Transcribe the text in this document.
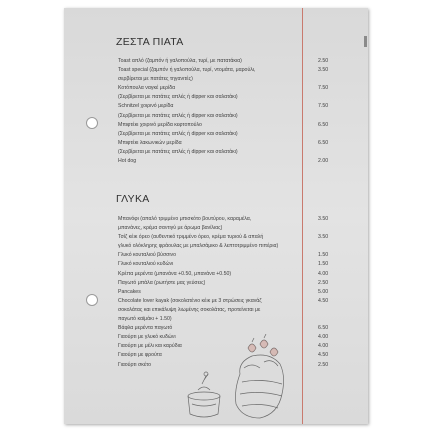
ΖΕΣΤΑ ΠΙΑΤΑ
Toast απλό (ζαμπόν ή γαλοπούλα, τυρί, με πατατάκια)	2.50
Toast special (ζαμπόν ή γαλοπούλα, τυρί, ντομάτα, μαρούλι,	3.50
σερβίρεται με πατάτες τηγανιτές)
Κοτόπουλα ναγκέ μερίδα	7.50
(Σερβίρεται με πατάτες απλές ή dipper και σαλατάκι)
Schnitzel χοιρινό μερίδα	7.50
(Σερβίρεται με πατάτες απλές ή dipper και σαλατάκι)
Μπιφτέκι χοιρινό μερίδα κεφτοπούλο	6.50
(Σερβίρεται με πατάτες απλές ή dipper και σαλατάκι)
Μπιφτέκι λακωνικών μερίδα	6.50
(Σερβίρεται με πατάτες απλές ή dipper και σαλατάκι)
Hot dog	2.00
ΓΛΥΚΑ
Μπανόφι (απαλό τριμμένο μπισκότο βουτύρου, καραμέλα,	3.50
μπανάνες, κρέμα σαντιγύ με άρωμα βανίλιας)
Τσίζ κέικ όρεο (αυθεντικό τριμμένο όρεο, κρέμα τυριού & απαλή	3.50
γλυκό ολόκληρης φράουλας με μπαλσάμικο & λεπτοτριμμένο πιπέρια)
Γλυκό κουταλιού βύσσινο	1.50
Γλυκό κουταλιού κυδώνι	1.50
Κρέπα μερέντα (μπανάνα +0.50, μπανάνα +0.50)	4.00
Παγωτό μπάλα (ρωτήστε μας γεύσεις)	2.50
Pancakes	5.00
Chocolate lover kayak (σοκολατένιο κέικ με 3 στρώσεις γκανάζ	4.50
σοκολάτας και επικάλυψη λιωμένης σοκολάτας, προτείνεται με
παγωτό καϊμάκι + 1.50)
Βάφλα μερέντα παγωτό	6.50
Γιαούρτι με γλυκό κυδώνι	4.00
Γιαούρτι με μέλι και καρύδια	4.00
Γιαούρτι με φρούτα	4.50
Γιαούρτι σκέτο	2.50
